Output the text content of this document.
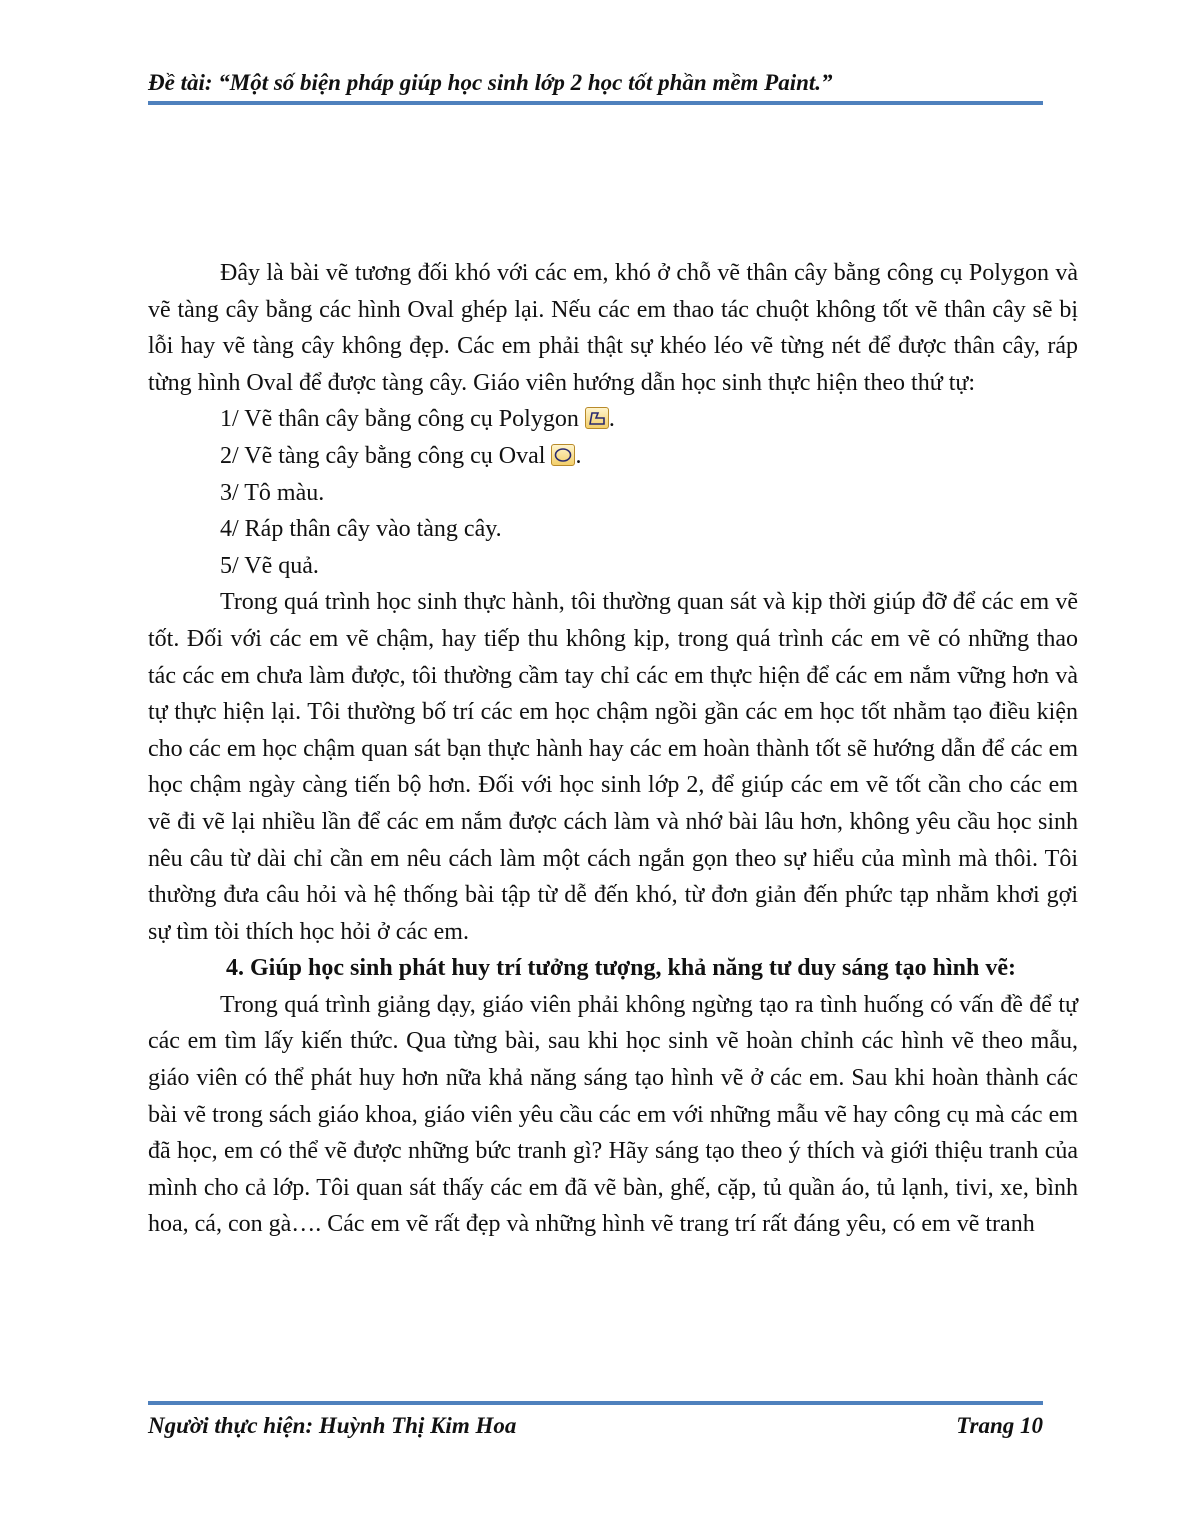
Đề tài: “Một số biện pháp giúp học sinh lớp 2 học tốt phần mềm Paint.”

Đây là bài vẽ tương đối khó với các em, khó ở chỗ vẽ thân cây bằng công cụ Polygon và vẽ tàng cây bằng các hình Oval ghép lại. Nếu các em thao tác chuột không tốt vẽ thân cây sẽ bị lỗi hay vẽ tàng cây không đẹp. Các em phải thật sự khéo léo vẽ từng nét để được thân cây, ráp từng hình Oval để được tàng cây. Giáo viên hướng dẫn học sinh thực hiện theo thứ tự:

1/ Vẽ thân cây bằng công cụ Polygon .

2/ Vẽ tàng cây bằng công cụ Oval .

3/ Tô màu.

4/ Ráp thân cây vào tàng cây.

5/ Vẽ quả.

Trong quá trình học sinh thực hành, tôi thường quan sát và kịp thời giúp đỡ để các em vẽ tốt. Đối với các em vẽ chậm, hay tiếp thu không kịp, trong quá trình các em vẽ có những thao tác các em chưa làm được, tôi thường cầm tay chỉ các em thực hiện để các em nắm vững hơn và tự thực hiện lại. Tôi thường bố trí các em học chậm ngồi gần các em học tốt nhằm tạo điều kiện cho các em học chậm quan sát bạn thực hành hay các em hoàn thành tốt sẽ hướng dẫn để các em học chậm ngày càng tiến bộ hơn. Đối với học sinh lớp 2, để giúp các em vẽ tốt cần cho các em vẽ đi vẽ lại nhiều lần để các em nắm được cách làm và nhớ bài lâu hơn, không yêu cầu học sinh nêu câu từ dài chỉ cần em nêu cách làm một cách ngắn gọn theo sự hiểu của mình mà thôi. Tôi thường đưa câu hỏi và hệ thống bài tập từ dễ đến khó, từ đơn giản đến phức tạp nhằm khơi gợi sự tìm tòi thích học hỏi ở các em.

4. Giúp học sinh phát huy trí tưởng tượng, khả năng tư duy sáng tạo hình vẽ:

Trong quá trình giảng dạy, giáo viên phải không ngừng tạo ra tình huống có vấn đề để tự các em tìm lấy kiến thức. Qua từng bài, sau khi học sinh vẽ hoàn chỉnh các hình vẽ theo mẫu, giáo viên có thể phát huy hơn nữa khả năng sáng tạo hình vẽ ở các em. Sau khi hoàn thành các bài vẽ trong sách giáo khoa, giáo viên yêu cầu các em với những mẫu vẽ hay công cụ mà các em đã học, em có thể vẽ được những bức tranh gì? Hãy sáng tạo theo ý thích và giới thiệu tranh của mình cho cả lớp. Tôi quan sát thấy các em đã vẽ bàn, ghế, cặp, tủ quần áo, tủ lạnh, tivi, xe, bình hoa, cá, con gà…. Các em vẽ rất đẹp và những hình vẽ trang trí rất đáng yêu, có em vẽ tranh

Người thực hiện: Huỳnh Thị Kim Hoa	Trang 10
